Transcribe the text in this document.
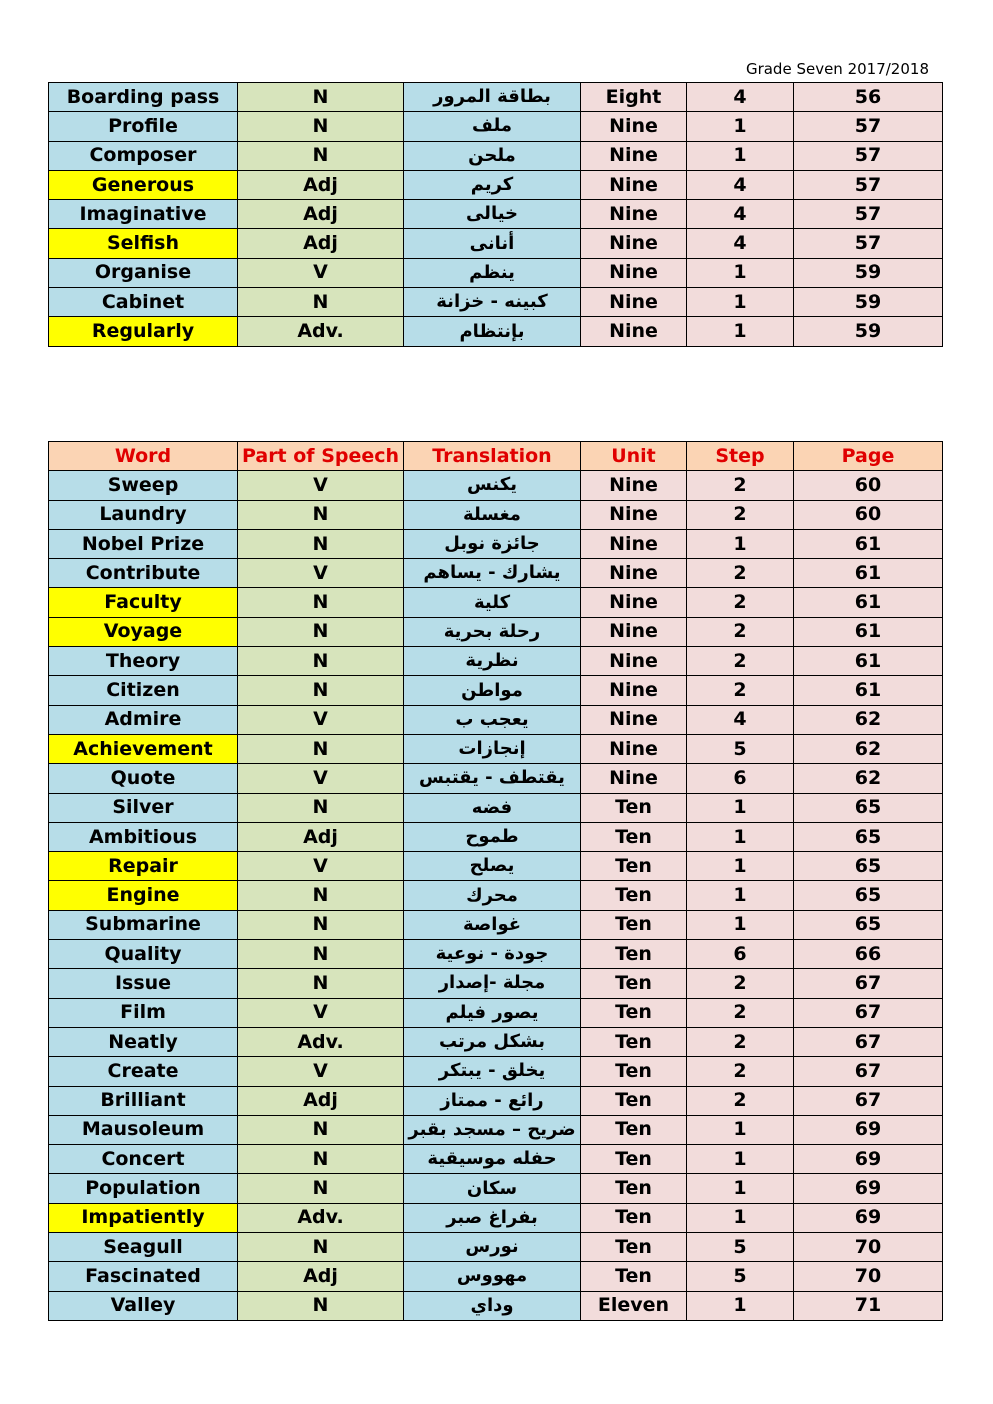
Grade Seven 2017/2018
Boarding pass	N	بطاقة المرور	Eight	4	56
Profile	N	ملف	Nine	1	57
Composer	N	ملحن	Nine	1	57
Generous	Adj	كريم	Nine	4	57
Imaginative	Adj	خيالى	Nine	4	57
Selfish	Adj	أنانى	Nine	4	57
Organise	V	ينظم	Nine	1	59
Cabinet	N	كبينه - خزانة	Nine	1	59
Regularly	Adv.	بإنتظام	Nine	1	59
Word	Part of Speech	Translation	Unit	Step	Page
Sweep	V	يكنس	Nine	2	60
Laundry	N	مغسلة	Nine	2	60
Nobel Prize	N	جائزة نوبل	Nine	1	61
Contribute	V	يشارك - يساهم	Nine	2	61
Faculty	N	كلية	Nine	2	61
Voyage	N	رحلة بحرية	Nine	2	61
Theory	N	نظرية	Nine	2	61
Citizen	N	مواطن	Nine	2	61
Admire	V	يعجب ب	Nine	4	62
Achievement	N	إنجازات	Nine	5	62
Quote	V	يقتطف - يقتبس	Nine	6	62
Silver	N	فضه	Ten	1	65
Ambitious	Adj	طموح	Ten	1	65
Repair	V	يصلح	Ten	1	65
Engine	N	محرك	Ten	1	65
Submarine	N	غواصة	Ten	1	65
Quality	N	جودة - نوعية	Ten	6	66
Issue	N	مجلة -إصدار	Ten	2	67
Film	V	يصور فيلم	Ten	2	67
Neatly	Adv.	بشكل مرتب	Ten	2	67
Create	V	يخلق - يبتكر	Ten	2	67
Brilliant	Adj	رائع - ممتاز	Ten	2	67
Mausoleum	N	ضريح – مسجد بقبر	Ten	1	69
Concert	N	حفله موسيقية	Ten	1	69
Population	N	سكان	Ten	1	69
Impatiently	Adv.	بفراغ صبر	Ten	1	69
Seagull	N	نورس	Ten	5	70
Fascinated	Adj	مهووس	Ten	5	70
Valley	N	وداي	Eleven	1	71
